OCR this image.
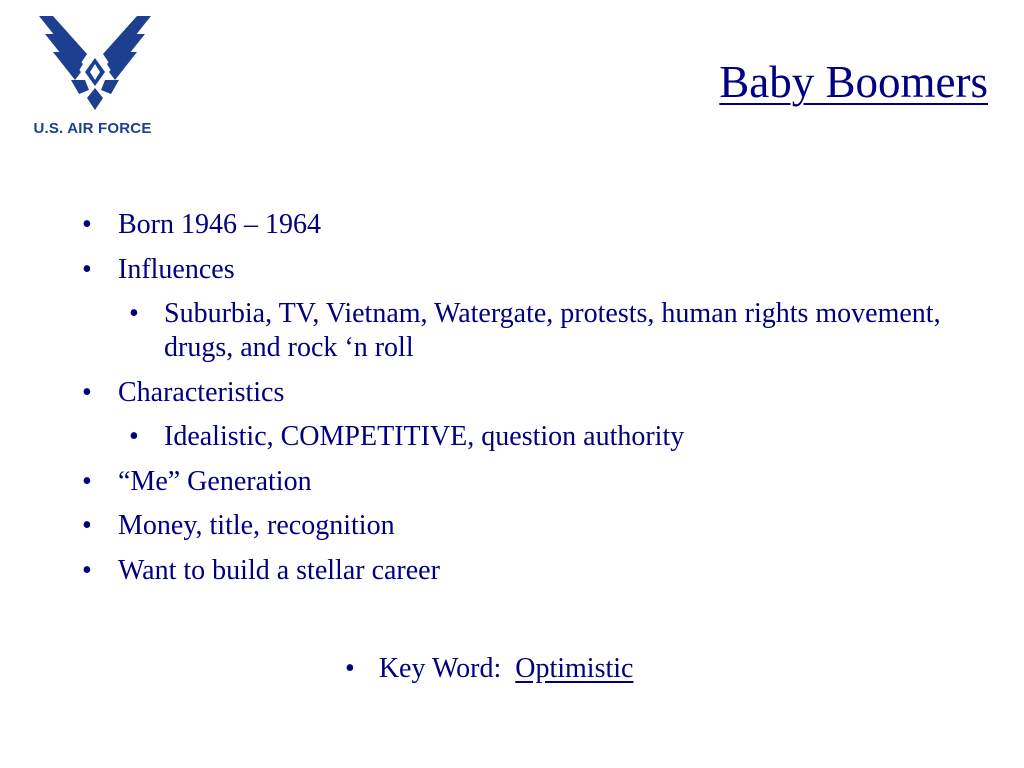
U.S. AIR FORCE
Baby Boomers
• Born 1946 – 1964
• Influences
• Suburbia, TV, Vietnam, Watergate, protests, human rights movement, drugs, and rock ‘n roll
• Characteristics
• Idealistic, COMPETITIVE, question authority
• “Me” Generation
• Money, title, recognition
• Want to build a stellar career
• Key Word: Optimistic
